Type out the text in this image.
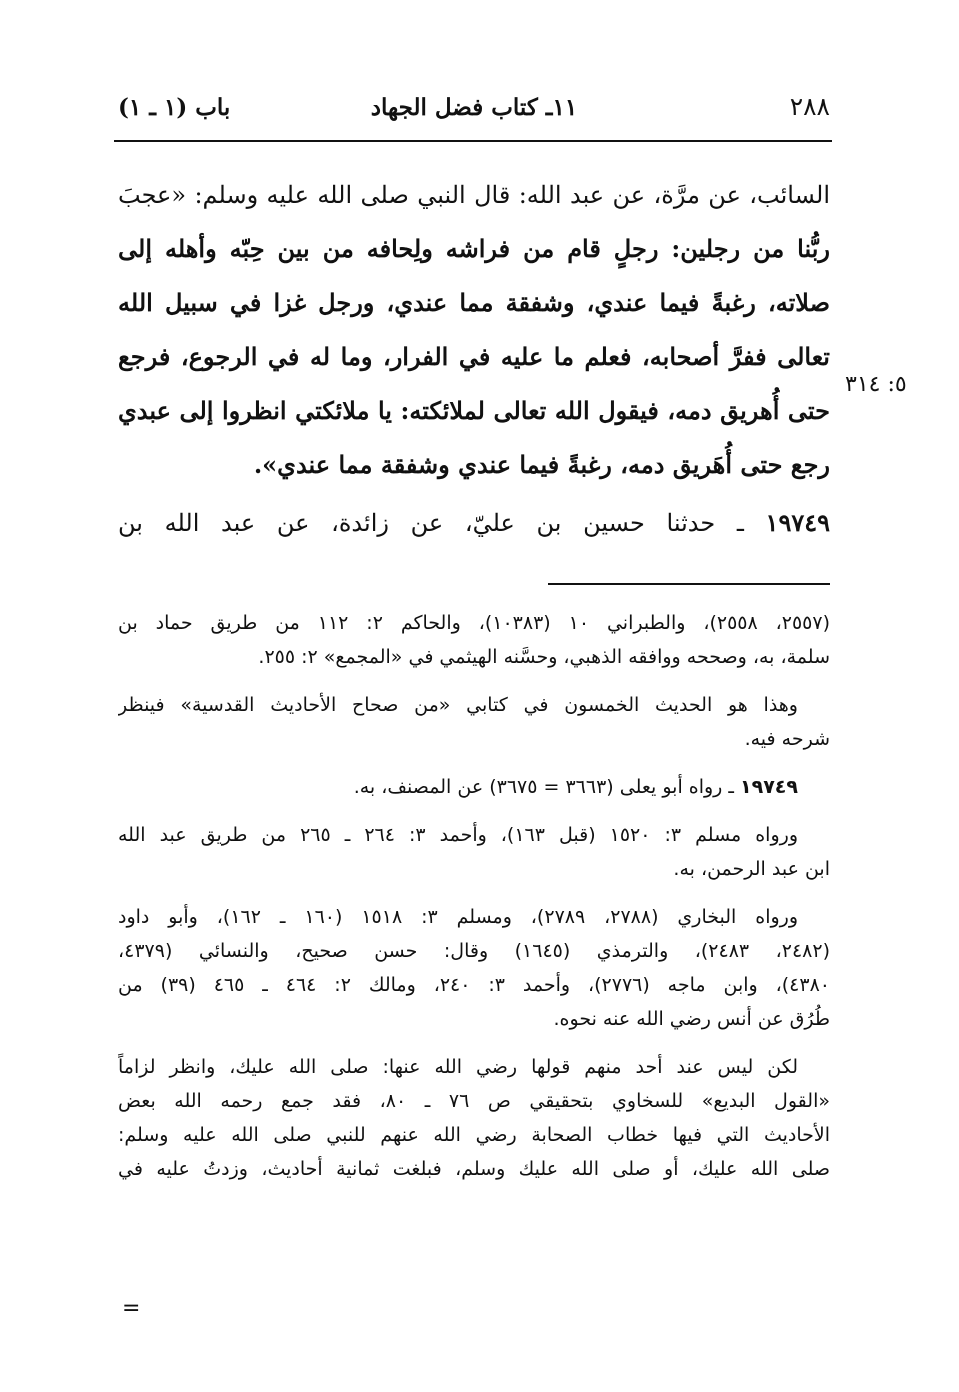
٢٨٨
١١ـ كتاب فضل الجهاد
باب (١ ـ ١)
السائب، عن مرَّة، عن عبد الله: قال النبي صلى الله عليه وسلم: «عجبَ
ربُّنا من رجلين: رجلٍ قام من فراشه ولِحافه من بين حِبّه وأهله إلى
صلاته، رغبةً فيما عندي، وشفقة مما عندي، ورجل غزا في سبيل الله
تعالى ففرَّ أصحابه، فعلم ما عليه في الفرار، وما له في الرجوع، فرجع
حتى أُهريق دمه، فيقول الله تعالى لملائكته: يا ملائكتي انظروا إلى عبدي
رجع حتى أُهَريق دمه، رغبةً فيما عندي وشفقة مما عندي».
٥: ٣١٤
١٩٧٤٩ ـ حدثنا حسين بن عليّ، عن زائدة، عن عبد الله بن
(٢٥٥٧، ٢٥٥٨)، والطبراني ١٠ (١٠٣٨٣)، والحاكم ٢: ١١٢ من طريق حماد بن
سلمة، به، وصححه ووافقه الذهبي، وحسَّنه الهيثمي في «المجمع» ٢: ٢٥٥.
وهذا هو الحديث الخمسون في كتابي «من صحاح الأحاديث القدسية» فينظر
شرحه فيه.
١٩٧٤٩ ـ رواه أبو يعلى (٣٦٦٣ = ٣٦٧٥) عن المصنف، به.
ورواه مسلم ٣: ١٥٢٠ (قبل ١٦٣)، وأحمد ٣: ٢٦٤ ـ ٢٦٥ من طريق عبد الله
ابن عبد الرحمن، به.
ورواه البخاري (٢٧٨٨، ٢٧٨٩)، ومسلم ٣: ١٥١٨ (١٦٠ ـ ١٦٢)، وأبو داود
(٢٤٨٢، ٢٤٨٣)، والترمذي (١٦٤٥) وقال: حسن صحيح، والنسائي (٤٣٧٩،
٤٣٨٠)، وابن ماجه (٢٧٧٦)، وأحمد ٣: ٢٤٠، ومالك ٢: ٤٦٤ ـ ٤٦٥ (٣٩) من
طُرُق عن أنس رضي الله عنه نحوه.
لكن ليس عند أحد منهم قولها رضي الله عنها: صلى الله عليك، وانظر لزاماً
«القول البديع» للسخاوي بتحقيقي ص ٧٦ ـ ٨٠، فقد جمع رحمه الله بعض
الأحاديث التي فيها خطاب الصحابة رضي الله عنهم للنبي صلى الله عليه وسلم:
صلى الله عليك، أو صلى الله عليك وسلم، فبلغت ثمانية أحاديث، وزدتُ عليه في
=
